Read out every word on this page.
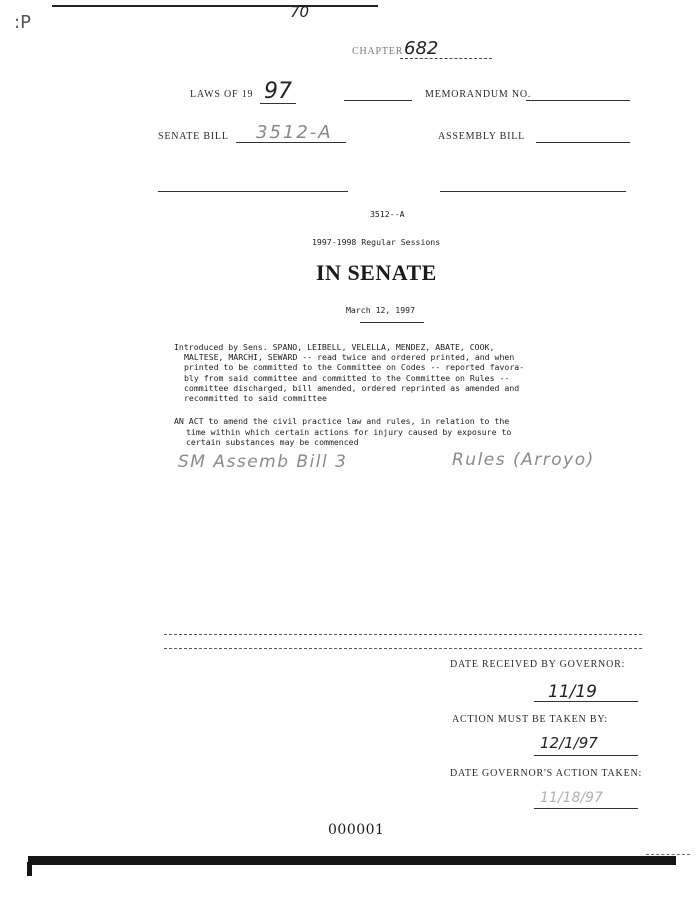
:P	70
CHAPTER 682
LAWS OF 19 97	MEMORANDUM NO.
SENATE BILL 3512-A	ASSEMBLY BILL
3512--A
1997-1998 Regular Sessions
IN SENATE
March 12, 1997

Introduced by Sens. SPANO, LEIBELL, VELELLA, MENDEZ, ABATE, COOK,

MALTESE, MARCHI, SEWARD -- read twice and ordered printed, and when

printed to be committed to the Committee on Codes -- reported favora-

bly from said committee and committed to the Committee on Rules --

committee discharged, bill amended, ordered reprinted as amended and

recommitted to said committee

AN ACT to amend the civil practice law and rules, in relation to the

time within which certain actions for injury caused by exposure to

certain substances may be commenced

SM Assemb Bill 3	Rules (Arroyo)
DATE RECEIVED BY GOVERNOR:
11/19
ACTION MUST BE TAKEN BY:
12/1/97
DATE GOVERNOR'S ACTION TAKEN:
11/18/97
000001
